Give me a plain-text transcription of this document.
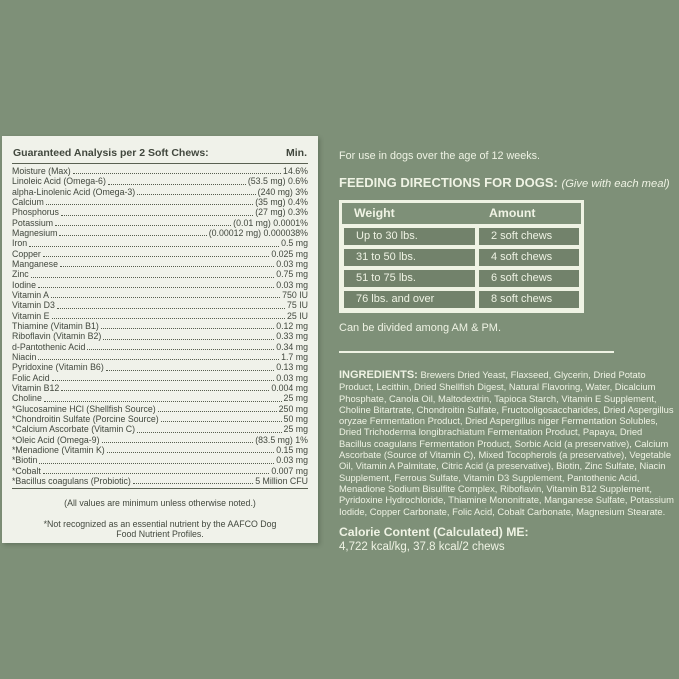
Guaranteed Analysis per 2 Soft Chews:	Min.
Moisture (Max)	14.6%
Linoleic Acid (Omega-6)	(53.5 mg) 0.6%
alpha-Linolenic Acid (Omega-3)	(240 mg) 3%
Calcium	(35 mg) 0.4%
Phosphorus	(27 mg) 0.3%
Potassium	(0.01 mg) 0.0001%
Magnesium	(0.00012 mg) 0.000038%
Iron	0.5 mg
Copper	0.025 mg
Manganese	0.03 mg
Zinc	0.75 mg
Iodine	0.03 mg
Vitamin A	750 IU
Vitamin D3	75 IU
Vitamin E	25 IU
Thiamine (Vitamin B1)	0.12 mg
Riboflavin (Vitamin B2)	0.33 mg
d-Pantothenic Acid	0.34 mg
Niacin	1.7 mg
Pyridoxine (Vitamin B6)	0.13 mg
Folic Acid	0.03 mg
Vitamin B12	0.004 mg
Choline	25 mg
*Glucosamine HCl (Shellfish Source)	250 mg
*Chondroitin Sulfate (Porcine Source)	50 mg
*Calcium Ascorbate (Vitamin C)	25 mg
*Oleic Acid (Omega-9)	(83.5 mg) 1%
*Menadione (Vitamin K)	0.15 mg
*Biotin	0.03 mg
*Cobalt	0.007 mg
*Bacillus coagulans (Probiotic)	5 Million CFU
(All values are minimum unless otherwise noted.)
*Not recognized as an essential nutrient by the AAFCO Dog Food Nutrient Profiles.
For use in dogs over the age of 12 weeks.
FEEDING DIRECTIONS FOR DOGS: (Give with each meal)
Weight	Amount
Up to 30 lbs.	2 soft chews
31 to 50 lbs.	4 soft chews
51 to 75 lbs.	6 soft chews
76 lbs. and over	8 soft chews
Can be divided among AM & PM.
INGREDIENTS: Brewers Dried Yeast, Flaxseed, Glycerin, Dried Potato Product, Lecithin, Dried Shellfish Digest, Natural Flavoring, Water, Dicalcium Phosphate, Canola Oil, Maltodextrin, Tapioca Starch, Vitamin E Supplement, Choline Bitartrate, Chondroitin Sulfate, Fructooligosaccharides, Dried Aspergillus oryzae Fermentation Product, Dried Aspergillus niger Fermentation Solubles, Dried Trichoderma longibrachiatum Fermentation Product, Papaya, Dried Bacillus coagulans Fermentation Product, Sorbic Acid (a preservative), Calcium Ascorbate (Source of Vitamin C), Mixed Tocopherols (a preservative), Vegetable Oil, Vitamin A Palmitate, Citric Acid (a preservative), Biotin, Zinc Sulfate, Niacin Supplement, Ferrous Sulfate, Vitamin D3 Supplement, Pantothenic Acid, Menadione Sodium Bisulfite Complex, Riboflavin, Vitamin B12 Supplement, Pyridoxine Hydrochloride, Thiamine Mononitrate, Manganese Sulfate, Potassium Iodide, Copper Carbonate, Folic Acid, Cobalt Carbonate, Magnesium Stearate.
Calorie Content (Calculated) ME:
4,722 kcal/kg, 37.8 kcal/2 chews
